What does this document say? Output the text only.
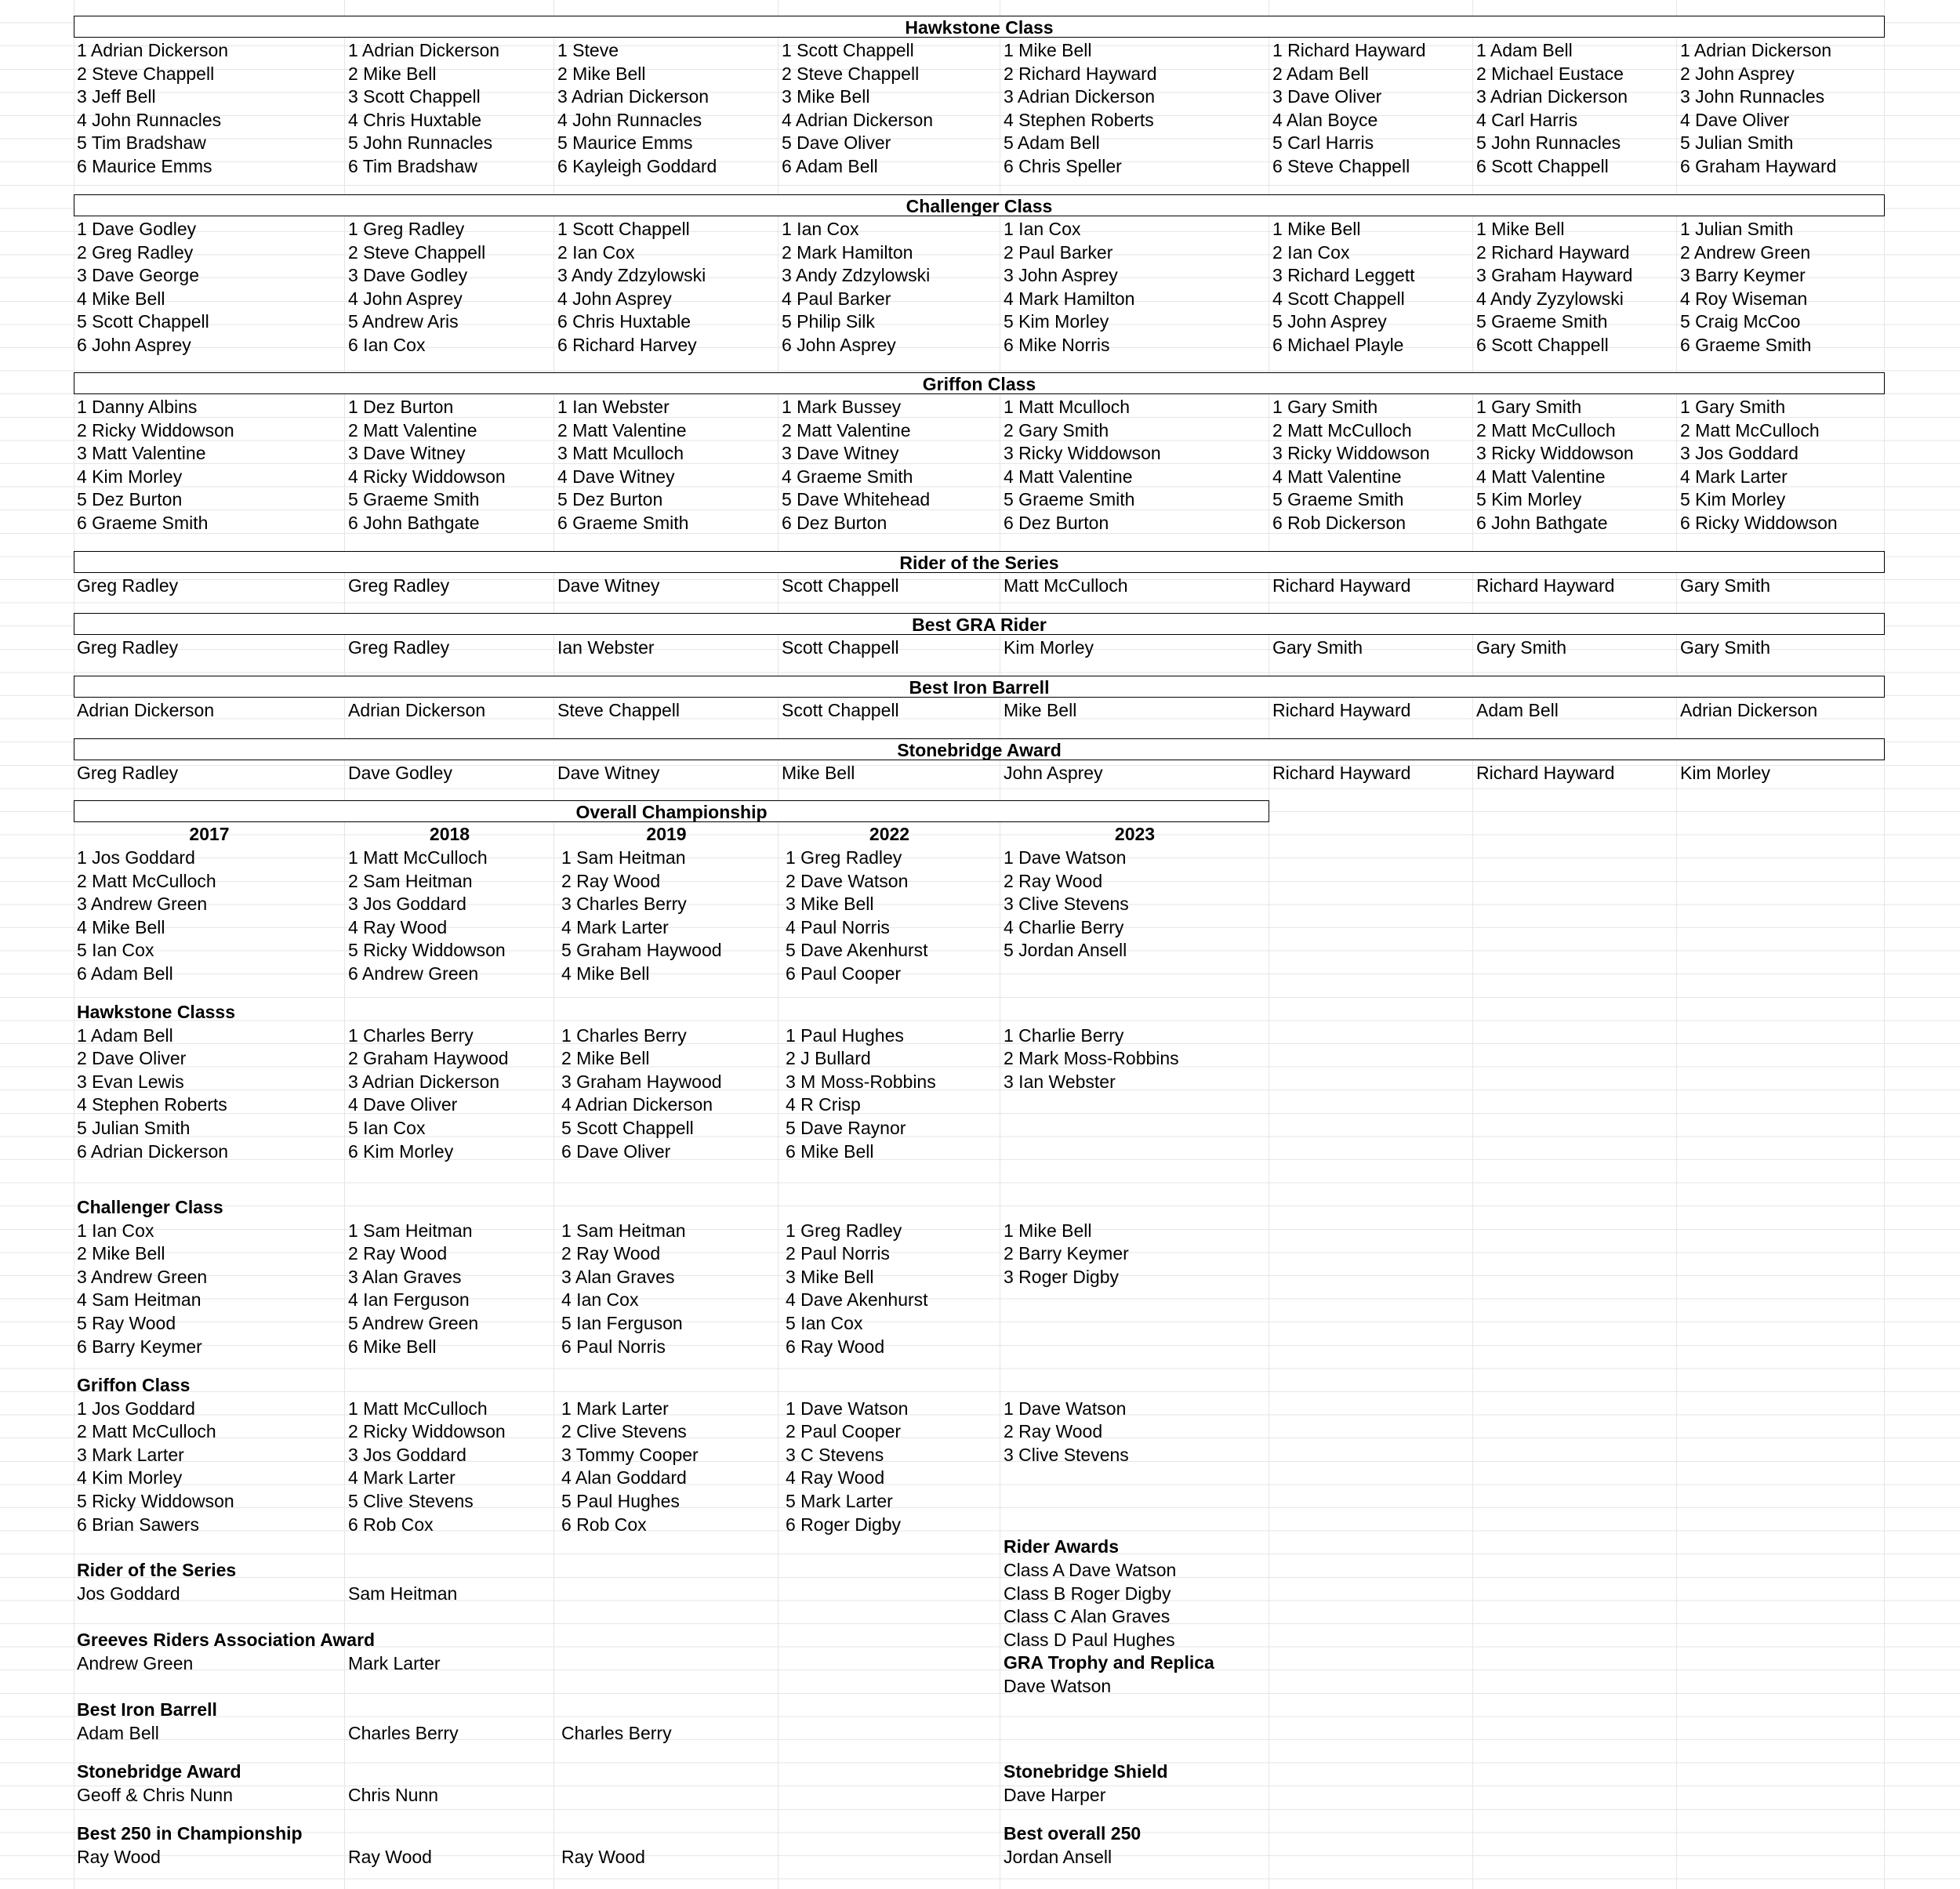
Hawkstone Class
1 Adrian Dickerson	1 Adrian Dickerson	1 Steve	1 Scott Chappell	1 Mike Bell	1 Richard Hayward	1 Adam Bell	1 Adrian Dickerson
2 Steve Chappell	2 Mike Bell	2 Mike Bell	2 Steve Chappell	2 Richard Hayward	2 Adam Bell	2 Michael Eustace	2 John Asprey
3 Jeff Bell	3 Scott Chappell	3 Adrian Dickerson	3 Mike Bell	3 Adrian Dickerson	3 Dave Oliver	3 Adrian Dickerson	3 John Runnacles
4 John Runnacles	4 Chris Huxtable	4 John Runnacles	4 Adrian Dickerson	4 Stephen Roberts	4 Alan Boyce	4 Carl Harris	4 Dave Oliver
5 Tim Bradshaw	5 John Runnacles	5 Maurice Emms	5 Dave Oliver	5 Adam Bell	5 Carl Harris	5 John Runnacles	5 Julian Smith
6 Maurice Emms	6 Tim Bradshaw	6 Kayleigh Goddard	6 Adam Bell	6 Chris Speller	6 Steve Chappell	6 Scott Chappell	6 Graham Hayward
Challenger Class
1 Dave Godley	1 Greg Radley	1 Scott Chappell	1 Ian Cox	1 Ian Cox	1 Mike Bell	1 Mike Bell	1 Julian Smith
2 Greg Radley	2 Steve Chappell	2 Ian Cox	2 Mark Hamilton	2 Paul Barker	2 Ian Cox	2 Richard Hayward	2 Andrew Green
3 Dave George	3 Dave Godley	3 Andy Zdzylowski	3 Andy Zdzylowski	3 John Asprey	3 Richard Leggett	3 Graham Hayward	3 Barry Keymer
4 Mike Bell	4 John Asprey	4 John Asprey	4 Paul Barker	4 Mark Hamilton	4 Scott Chappell	4 Andy Zyzylowski	4 Roy Wiseman
5 Scott Chappell	5 Andrew Aris	6 Chris Huxtable	5 Philip Silk	5 Kim Morley	5 John Asprey	5 Graeme Smith	5 Craig McCoo
6 John Asprey	6 Ian Cox	6 Richard Harvey	6 John Asprey	6 Mike Norris	6 Michael Playle	6 Scott Chappell	6 Graeme Smith
Griffon Class
1 Danny Albins	1 Dez Burton	1 Ian Webster	1 Mark Bussey	1 Matt Mculloch	1 Gary Smith	1 Gary Smith	1 Gary Smith
2 Ricky Widdowson	2 Matt Valentine	2 Matt Valentine	2 Matt Valentine	2 Gary Smith	2 Matt McCulloch	2 Matt McCulloch	2 Matt McCulloch
3 Matt Valentine	3 Dave Witney	3 Matt Mculloch	3 Dave Witney	3 Ricky Widdowson	3 Ricky Widdowson	3 Ricky Widdowson	3 Jos Goddard
4 Kim Morley	4 Ricky Widdowson	4 Dave Witney	4 Graeme Smith	4 Matt Valentine	4 Matt Valentine	4 Matt Valentine	4 Mark Larter
5 Dez Burton	5 Graeme Smith	5 Dez Burton	5 Dave Whitehead	5 Graeme Smith	5 Graeme Smith	5 Kim Morley	5 Kim Morley
6 Graeme Smith	6 John Bathgate	6 Graeme Smith	6 Dez Burton	6 Dez Burton	6 Rob Dickerson	6 John Bathgate	6 Ricky Widdowson
Rider of the Series
Greg Radley	Greg Radley	Dave Witney	Scott Chappell	Matt McCulloch	Richard Hayward	Richard Hayward	Gary Smith
Best GRA Rider
Greg Radley	Greg Radley	Ian Webster	Scott Chappell	Kim Morley	Gary Smith	Gary Smith	Gary Smith
Best Iron Barrell
Adrian Dickerson	Adrian Dickerson	Steve Chappell	Scott Chappell	Mike Bell	Richard Hayward	Adam Bell	Adrian Dickerson
Stonebridge Award
Greg Radley	Dave Godley	Dave Witney	Mike Bell	John Asprey	Richard Hayward	Richard Hayward	Kim Morley
Overall Championship
2017	2018	2019	2022	2023
1 Jos Goddard	1 Matt McCulloch	1 Sam Heitman	1 Greg Radley	1 Dave Watson
2 Matt McCulloch	2 Sam Heitman	2 Ray Wood	2 Dave Watson	2 Ray Wood
3 Andrew Green	3 Jos Goddard	3 Charles Berry	3 Mike Bell	3 Clive Stevens
4 Mike Bell	4 Ray Wood	4 Mark Larter	4 Paul Norris	4 Charlie Berry
5 Ian Cox	5 Ricky Widdowson	5 Graham Haywood	5 Dave Akenhurst	5 Jordan Ansell
6 Adam Bell	6 Andrew Green	4 Mike Bell	6 Paul Cooper
Hawkstone Classs
1 Adam Bell	1 Charles Berry	1 Charles Berry	1 Paul Hughes	1 Charlie Berry
2 Dave Oliver	2 Graham Haywood	2 Mike Bell	2 J Bullard	2 Mark Moss-Robbins
3 Evan Lewis	3 Adrian Dickerson	3 Graham Haywood	3 M Moss-Robbins	3 Ian Webster
4 Stephen Roberts	4 Dave Oliver	4 Adrian Dickerson	4 R Crisp
5 Julian Smith	5 Ian Cox	5 Scott Chappell	5 Dave Raynor
6 Adrian Dickerson	6 Kim Morley	6 Dave Oliver	6 Mike Bell
Challenger Class
1 Ian Cox	1 Sam Heitman	1 Sam Heitman	1 Greg Radley	1 Mike Bell
2 Mike Bell	2 Ray Wood	2 Ray Wood	2 Paul Norris	2 Barry Keymer
3 Andrew Green	3 Alan Graves	3 Alan Graves	3 Mike Bell	3 Roger Digby
4 Sam Heitman	4 Ian Ferguson	4 Ian Cox	4 Dave Akenhurst
5 Ray Wood	5 Andrew Green	5 Ian Ferguson	5 Ian Cox
6 Barry Keymer	6 Mike Bell	6 Paul Norris	6 Ray Wood
Griffon Class
1 Jos Goddard	1 Matt McCulloch	1 Mark Larter	1 Dave Watson	1 Dave Watson
2 Matt McCulloch	2 Ricky Widdowson	2 Clive Stevens	2 Paul Cooper	2 Ray Wood
3 Mark Larter	3 Jos Goddard	3 Tommy Cooper	3 C Stevens	3 Clive Stevens
4 Kim Morley	4 Mark Larter	4 Alan Goddard	4 Ray Wood
5 Ricky Widdowson	5 Clive Stevens	5 Paul Hughes	5 Mark Larter
6 Brian Sawers	6 Rob Cox	6 Rob Cox	6 Roger Digby
Rider of the Series
Jos Goddard	Sam Heitman
Greeves Riders Association Award
Andrew Green	Mark Larter
Best Iron Barrell
Adam Bell	Charles Berry	Charles Berry
Stonebridge Award
Geoff & Chris Nunn	Chris Nunn
Best 250 in Championship
Ray Wood	Ray Wood	Ray Wood
Rider Awards
Class A Dave Watson
Class B Roger Digby
Class C Alan Graves
Class D Paul Hughes
GRA Trophy and Replica
Dave Watson
Stonebridge Shield
Dave Harper
Best overall 250
Jordan Ansell
